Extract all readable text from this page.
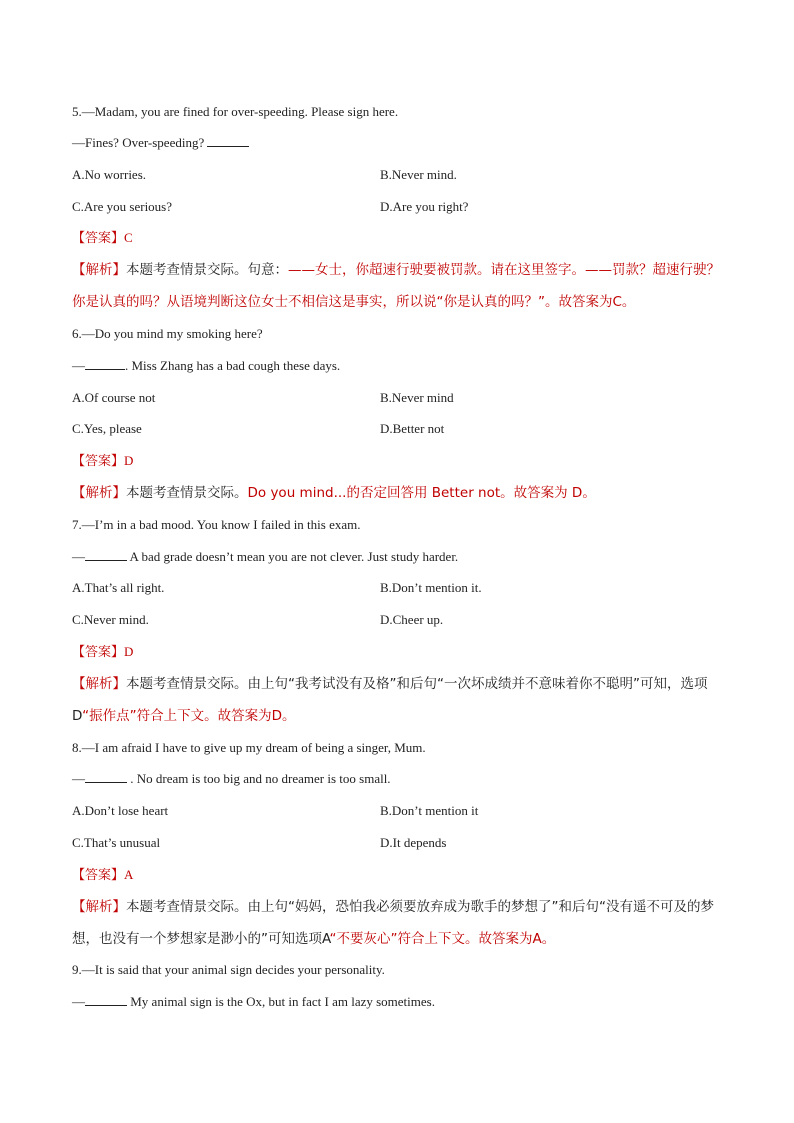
5.—Madam, you are fined for over-speeding. Please sign here.
—Fines? Over-speeding?
A.No worries.	B.Never mind.
C.Are you serious?	D.Are you right?
【答案】C
【解析】本题考查情景交际。句意：——女士，你超速行驶要被罚款。请在这里签字。——罚款？超速行驶？你是认真的吗？从语境判断这位女士不相信这是事实，所以说“你是认真的吗？”。故答案为C。
6.—Do you mind my smoking here?
—	. Miss Zhang has a bad cough these days.
A.Of course not	B.Never mind
C.Yes, please	D.Better not
【答案】D
【解析】本题考查情景交际。Do you mind...的否定回答用 Better not。故答案为 D。
7.—I’m in a bad mood. You know I failed in this exam.
—	A bad grade doesn’t mean you are not clever. Just study harder.
A.That’s all right.	B.Don’t mention it.
C.Never mind.	D.Cheer up.
【答案】D
【解析】本题考查情景交际。由上句“我考试没有及格”和后句“一次坏成绩并不意味着你不聪明”可知，选项D“振作点”符合上下文。故答案为D。
8.—I am afraid I have to give up my dream of being a singer, Mum.
—	. No dream is too big and no dreamer is too small.
A.Don’t lose heart	B.Don’t mention it
C.That’s unusual	D.It depends
【答案】A
【解析】本题考查情景交际。由上句“妈妈，恐怕我必须要放弃成为歌手的梦想了”和后句“没有遥不可及的梦想，也没有一个梦想家是渺小的”可知选项A“不要灰心”符合上下文。故答案为A。
9.—It is said that your animal sign decides your personality.
—	My animal sign is the Ox, but in fact I am lazy sometimes.
